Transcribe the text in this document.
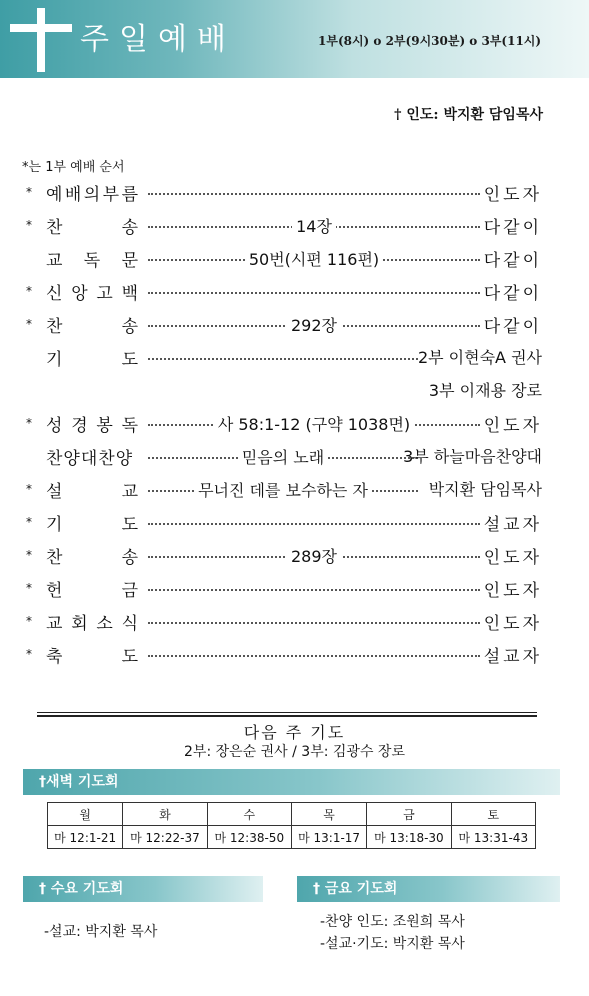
주일예배	1부(8시) o 2부(9시30분) o 3부(11시)
† 인도: 박지환 담임목사
*는 1부 예배 순서
* 예 배 의 부 름	인도자
* 찬	송	14장	다같이
교 독 문	50번(시편 116편)	다같이
* 신 앙 고 백	다같이
* 찬	송	292장	다같이
기	도	2부 이현숙A 권사
3부 이재용 장로
* 성 경 봉 독	사 58:1-12 (구약 1038면)	인도자
찬양대찬양	믿음의 노래	3부 하늘마음찬양대
* 설	교	무너진 데를 보수하는 자	박지환 담임목사
* 기	도	설교자
* 찬	송	289장	인도자
* 헌	금	인도자
* 교 회 소 식	인도자
* 축	도	설교자
다음 주 기도
2부: 장은순 권사 / 3부: 김광수 장로
†새벽 기도회
월	화	수	목	금	토
마 12:1-21	마 12:22-37	마 12:38-50	마 13:1-17	마 13:18-30	마 13:31-43
† 수요 기도회
-설교: 박지환 목사
† 금요 기도회
-찬양 인도: 조원희 목사
-설교·기도: 박지환 목사
